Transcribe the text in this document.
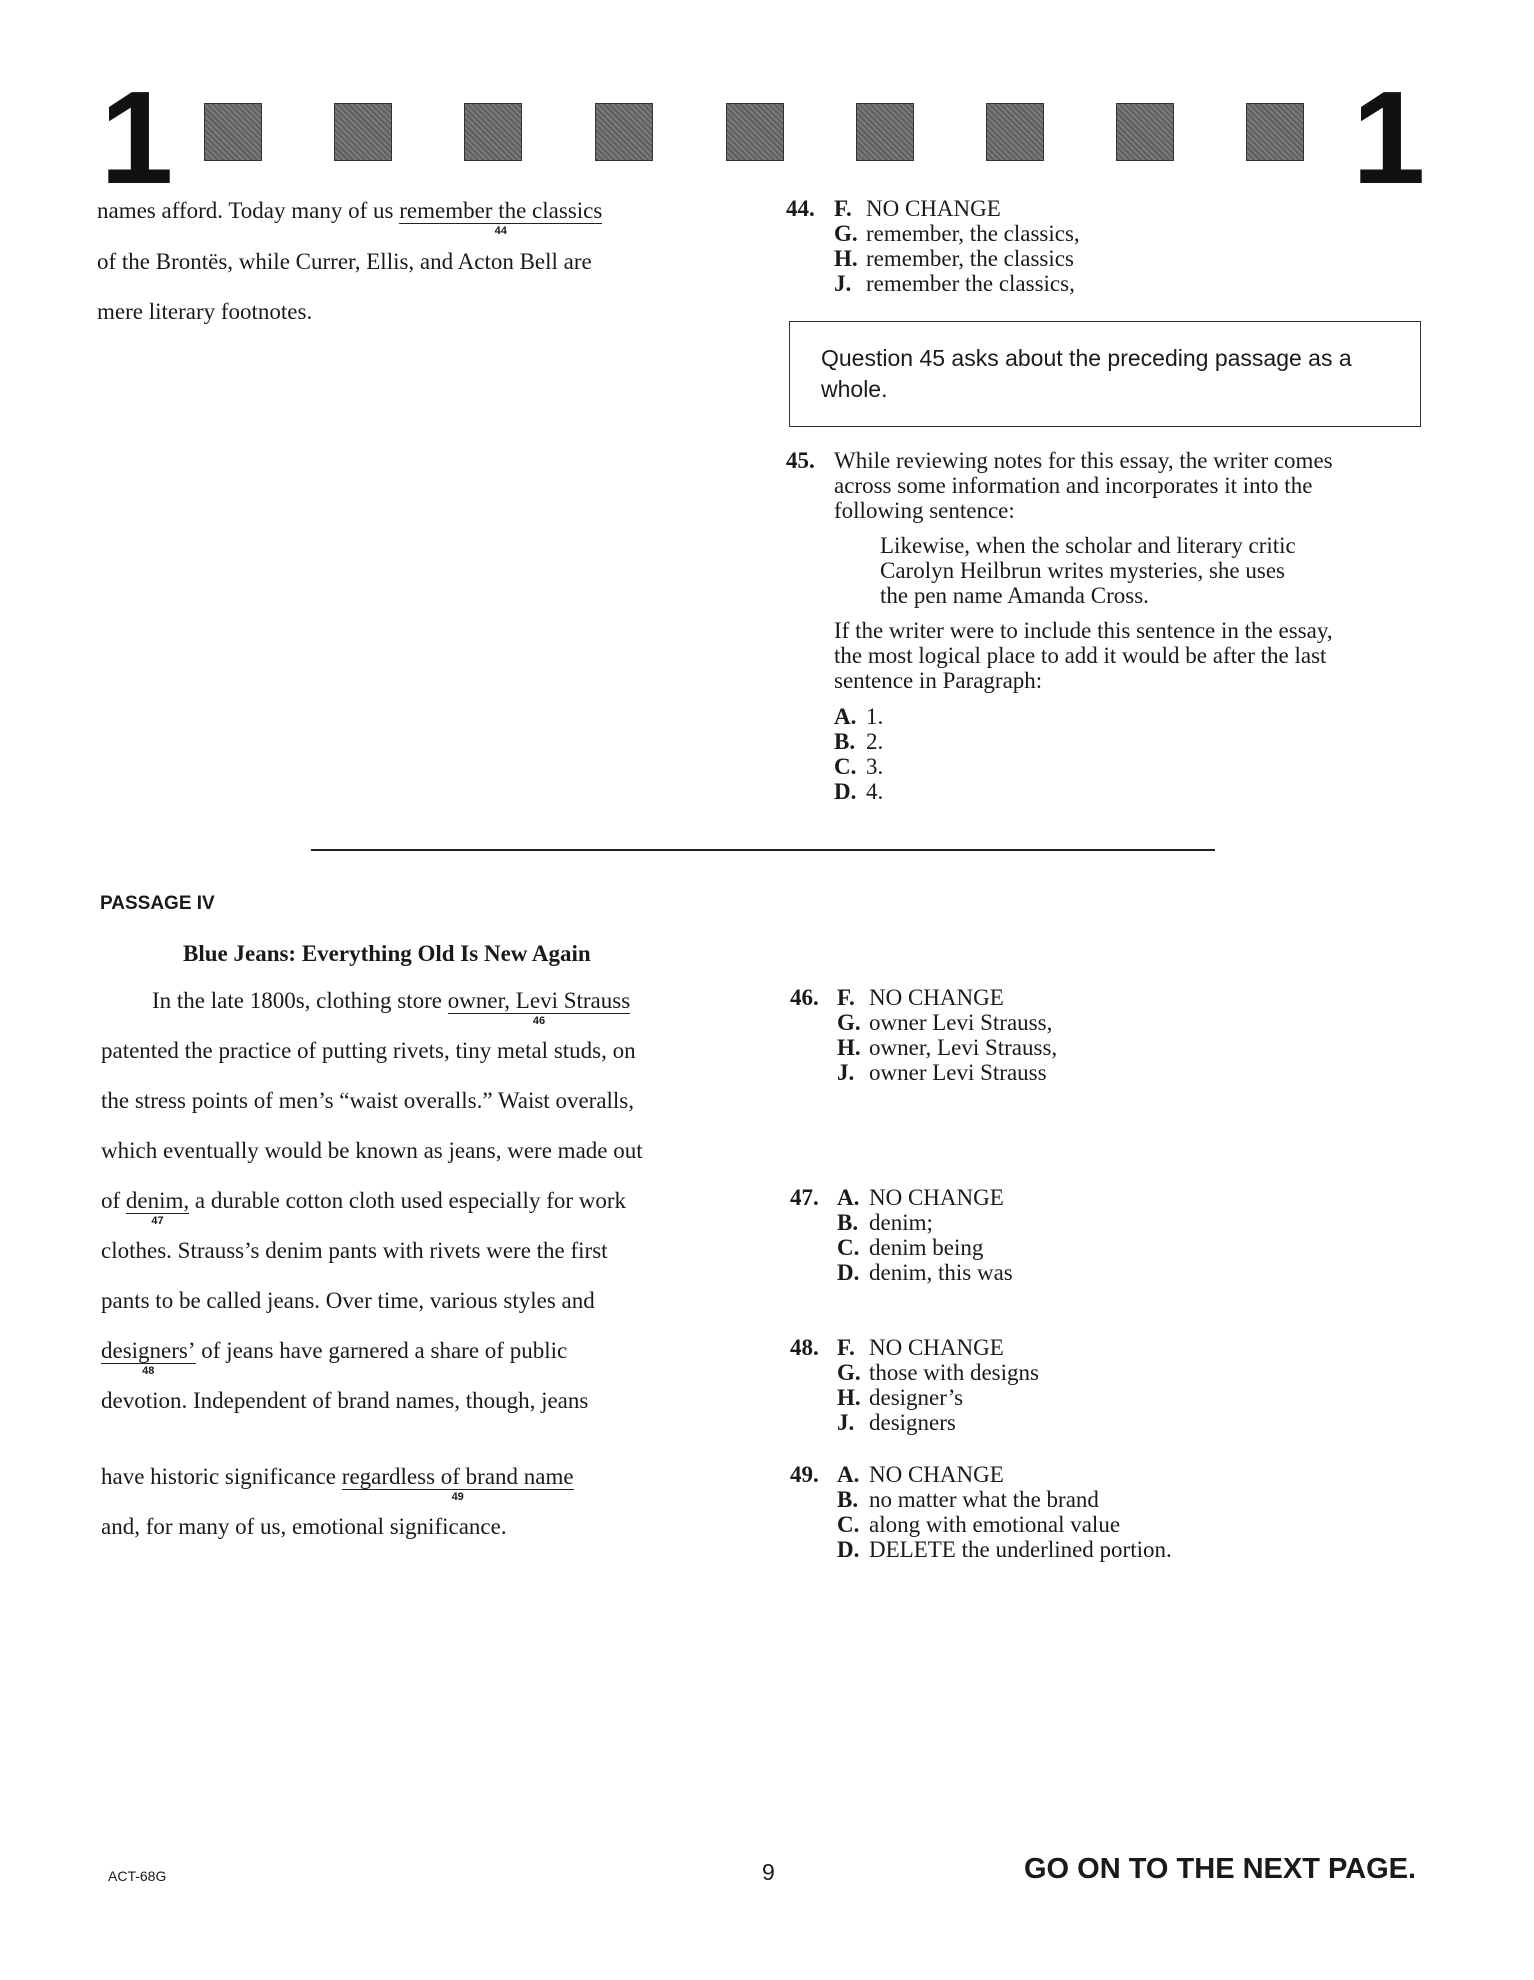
1	1
names afford. Today many of us remember the classics
44
of the Brontës, while Currer, Ellis, and Acton Bell are
mere literary footnotes.
44. F. NO CHANGE
G. remember, the classics,
H. remember, the classics
J. remember the classics,
Question 45 asks about the preceding passage as a whole.
45. While reviewing notes for this essay, the writer comes
across some information and incorporates it into the
following sentence:
Likewise, when the scholar and literary critic
Carolyn Heilbrun writes mysteries, she uses
the pen name Amanda Cross.
If the writer were to include this sentence in the essay,
the most logical place to add it would be after the last
sentence in Paragraph:
A. 1.
B. 2.
C. 3.
D. 4.
PASSAGE IV
Blue Jeans: Everything Old Is New Again
In the late 1800s, clothing store owner, Levi Strauss
46
patented the practice of putting rivets, tiny metal studs, on
the stress points of men’s “waist overalls.” Waist overalls,
which eventually would be known as jeans, were made out
of denim,
47
a durable cotton cloth used especially for work
clothes. Strauss’s denim pants with rivets were the first
pants to be called jeans. Over time, various styles and
designers’
48
of jeans have garnered a share of public
devotion. Independent of brand names, though, jeans
have historic significance regardless of brand name
49
and, for many of us, emotional significance.
46. F. NO CHANGE
G. owner Levi Strauss,
H. owner, Levi Strauss,
J. owner Levi Strauss
47. A. NO CHANGE
B. denim;
C. denim being
D. denim, this was
48. F. NO CHANGE
G. those with designs
H. designer’s
J. designers
49. A. NO CHANGE
B. no matter what the brand
C. along with emotional value
D. DELETE the underlined portion.
ACT-68G	9	GO ON TO THE NEXT PAGE.
